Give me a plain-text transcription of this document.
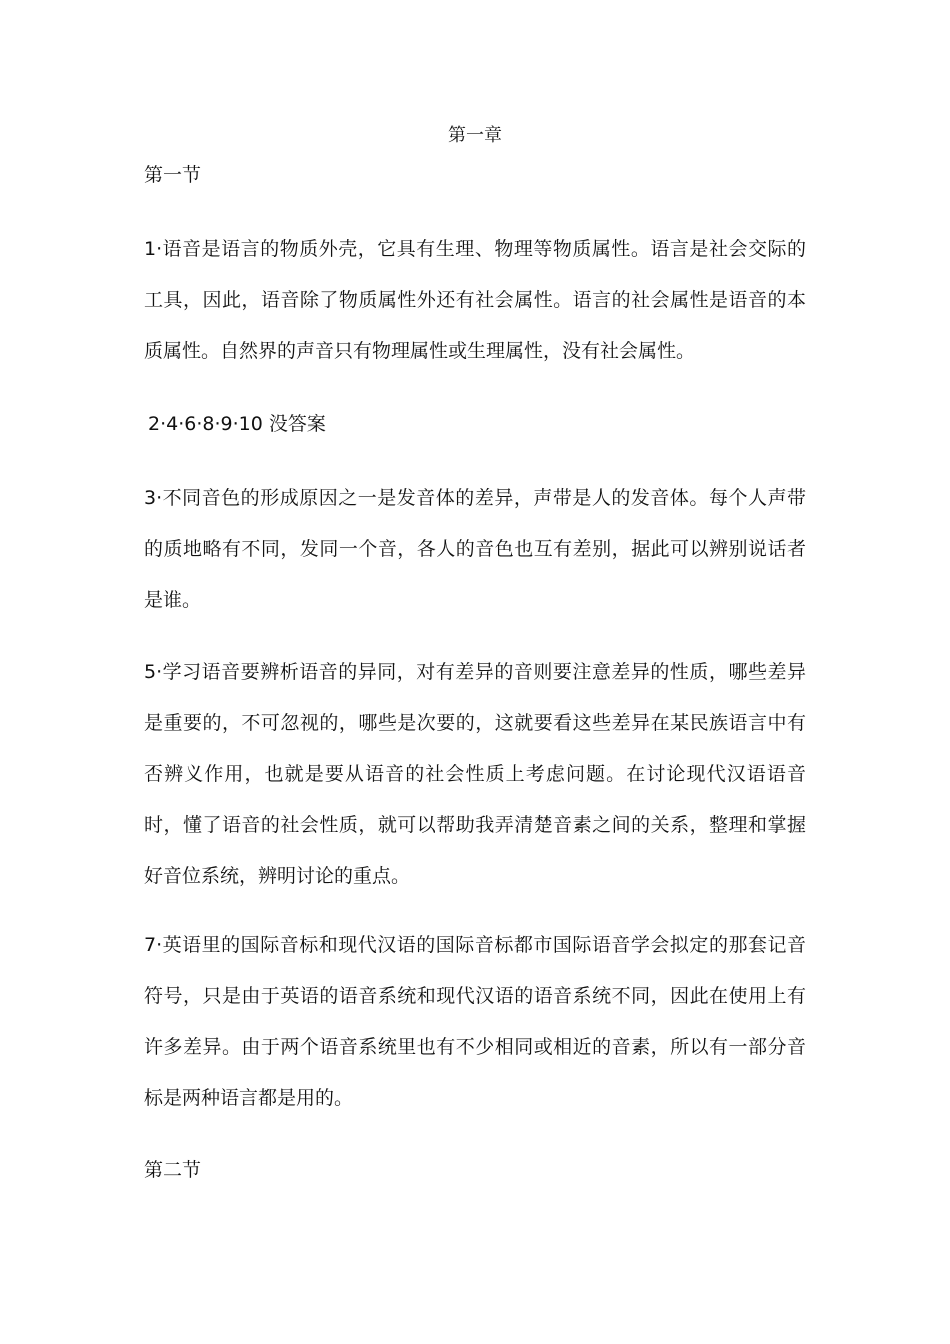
第一章
第一节

1·语音是语言的物质外壳，它具有生理、物理等物质属性。语言是社会交际的工具，因此，语音除了物质属性外还有社会属性。语言的社会属性是语音的本质属性。自然界的声音只有物理属性或生理属性，没有社会属性。

2·4·6·8·9·10 没答案

3·不同音色的形成原因之一是发音体的差异，声带是人的发音体。每个人声带的质地略有不同，发同一个音，各人的音色也互有差别，据此可以辨别说话者是谁。

5·学习语音要辨析语音的异同，对有差异的音则要注意差异的性质，哪些差异是重要的，不可忽视的，哪些是次要的，这就要看这些差异在某民族语言中有否辨义作用，也就是要从语音的社会性质上考虑问题。在讨论现代汉语语音时，懂了语音的社会性质，就可以帮助我弄清楚音素之间的关系，整理和掌握好音位系统，辨明讨论的重点。

7·英语里的国际音标和现代汉语的国际音标都市国际语音学会拟定的那套记音符号，只是由于英语的语音系统和现代汉语的语音系统不同，因此在使用上有许多差异。由于两个语音系统里也有不少相同或相近的音素，所以有一部分音标是两种语言都是用的。

第二节
